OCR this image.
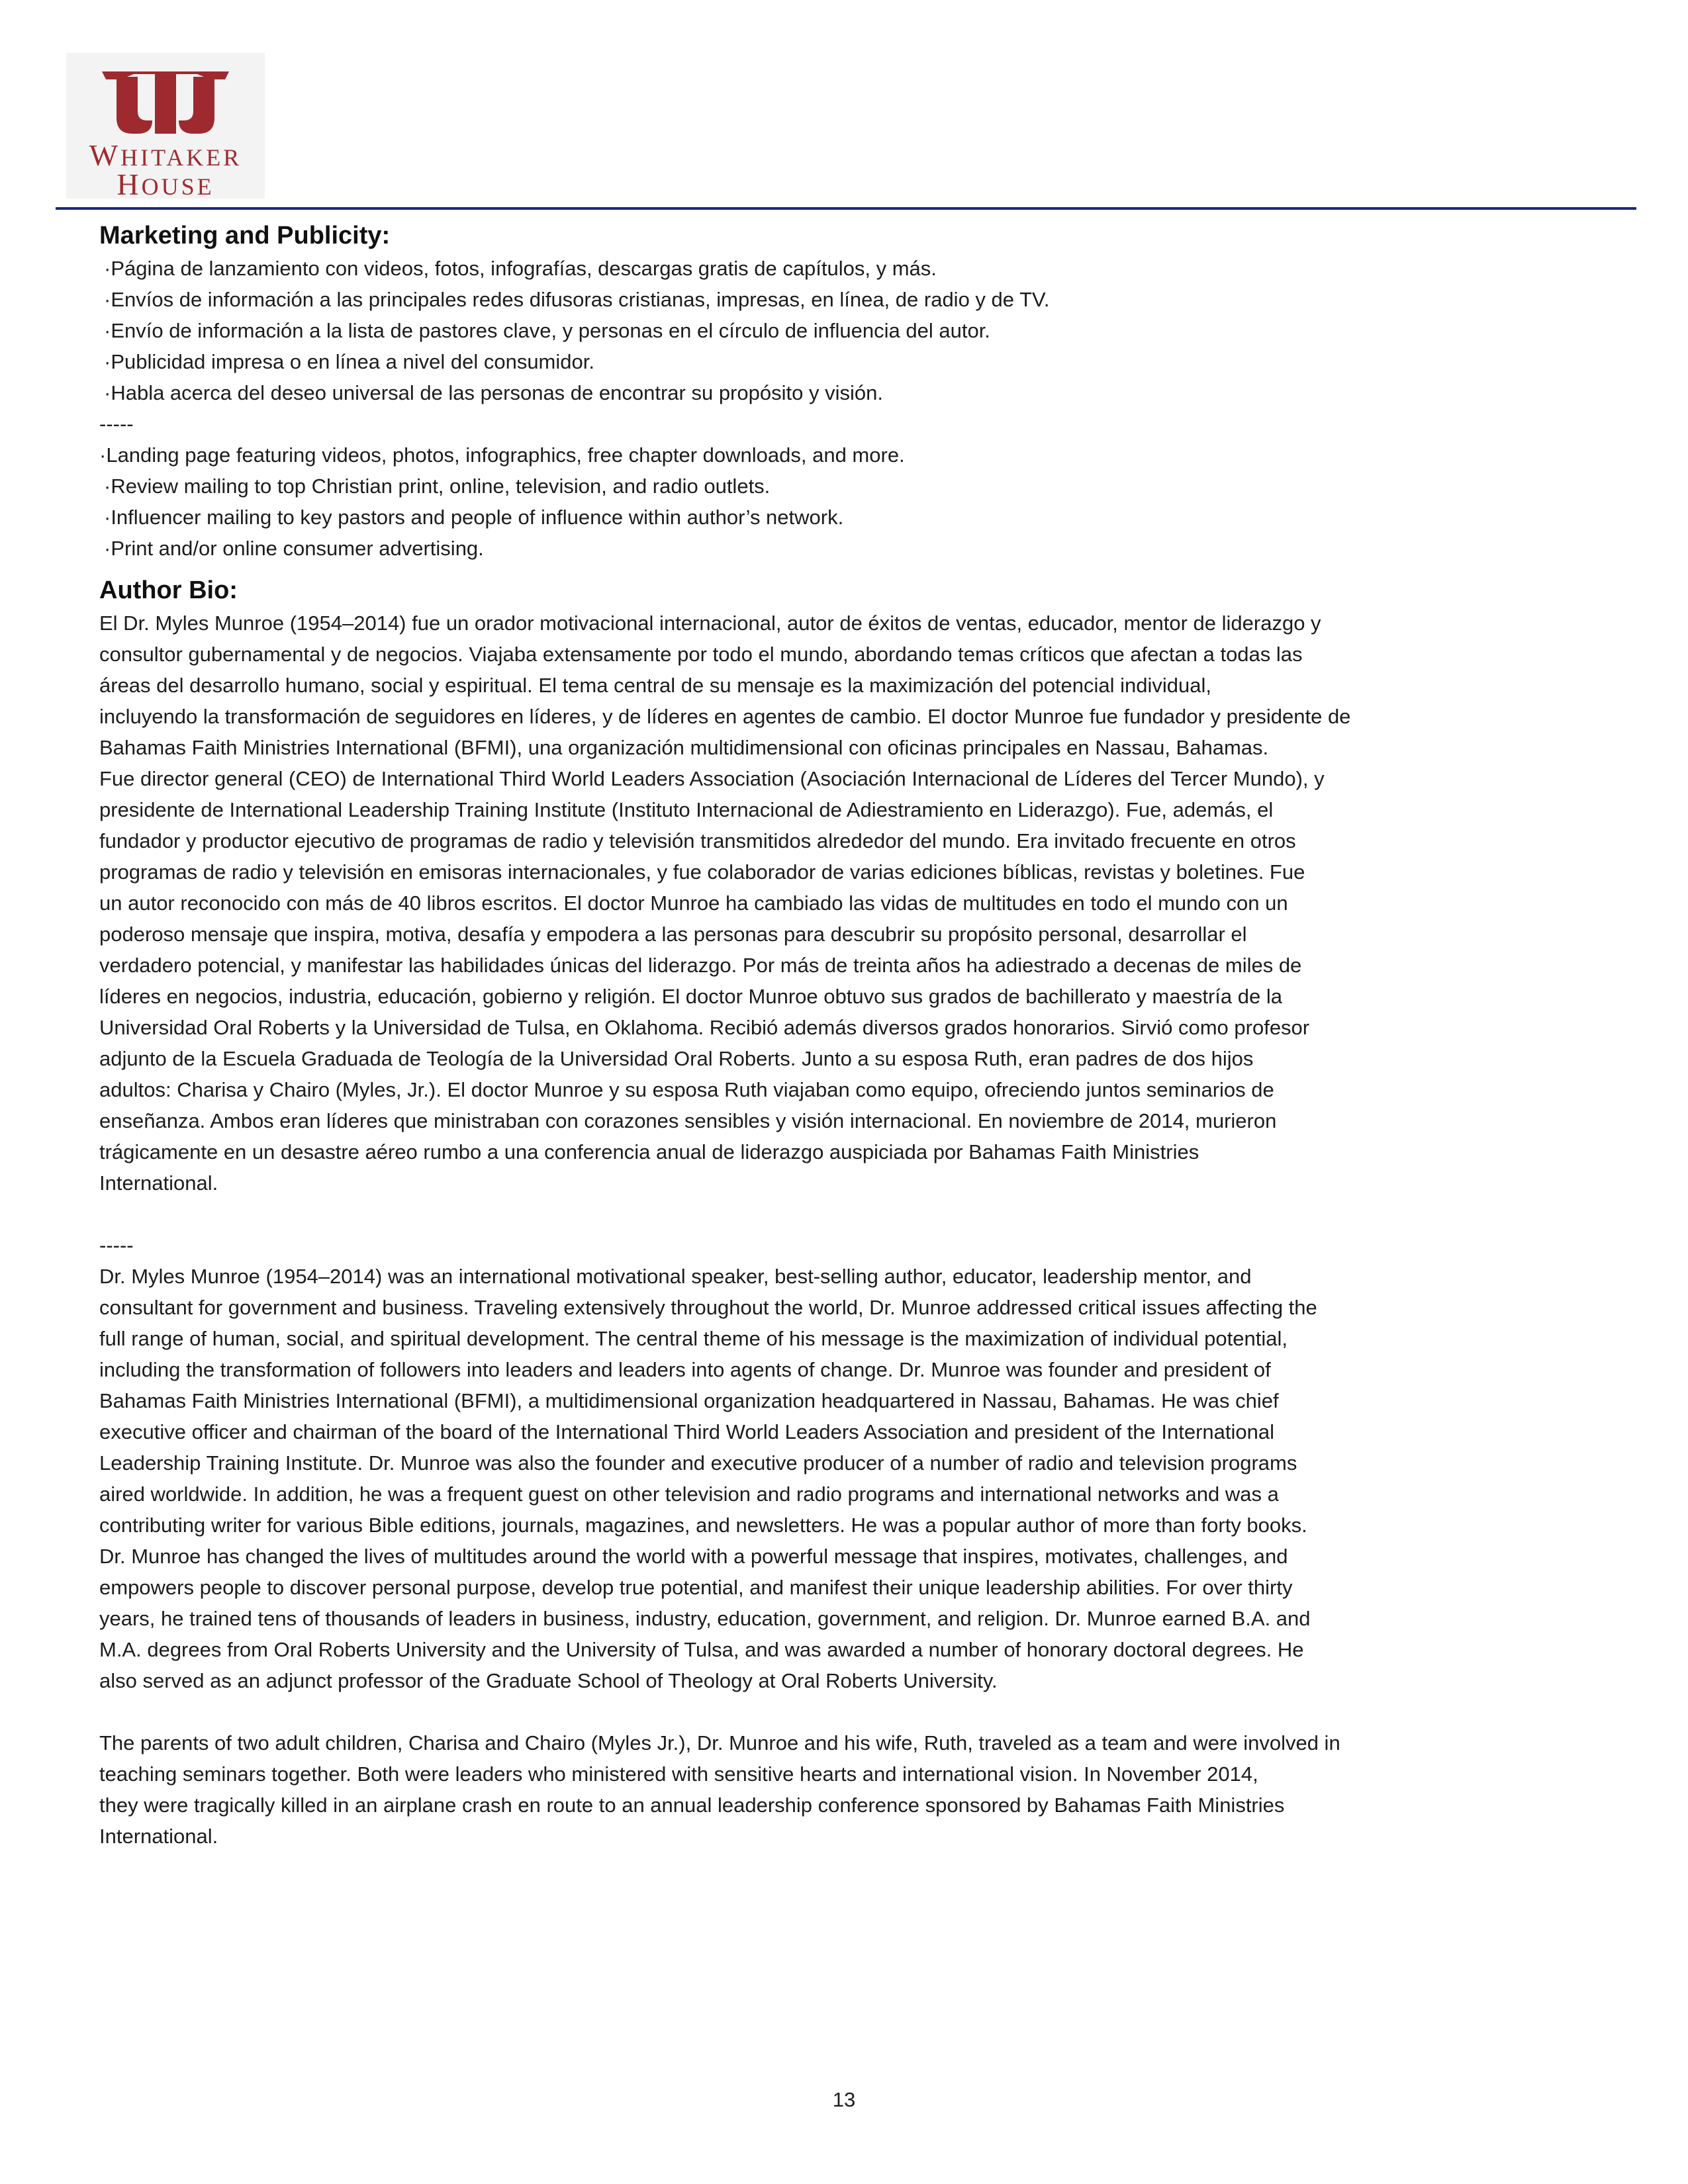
WHITAKER
HOUSE
Marketing and Publicity:
·Página de lanzamiento con videos, fotos, infografías, descargas gratis de capítulos, y más.
·Envíos de información a las principales redes difusoras cristianas, impresas, en línea, de radio y de TV.
·Envío de información a la lista de pastores clave, y personas en el círculo de influencia del autor.
·Publicidad impresa o en línea a nivel del consumidor.
·Habla acerca del deseo universal de las personas de encontrar su propósito y visión.
-----
·Landing page featuring videos, photos, infographics, free chapter downloads, and more.
·Review mailing to top Christian print, online, television, and radio outlets.
·Influencer mailing to key pastors and people of influence within author’s network.
·Print and/or online consumer advertising.
Author Bio:
El Dr. Myles Munroe (1954–2014) fue un orador motivacional internacional, autor de éxitos de ventas, educador, mentor de liderazgo y
consultor gubernamental y de negocios. Viajaba extensamente por todo el mundo, abordando temas críticos que afectan a todas las
áreas del desarrollo humano, social y espiritual. El tema central de su mensaje es la maximización del potencial individual,
incluyendo la transformación de seguidores en líderes, y de líderes en agentes de cambio. El doctor Munroe fue fundador y presidente de
Bahamas Faith Ministries International (BFMI), una organización multidimensional con oficinas principales en Nassau, Bahamas.
Fue director general (CEO) de International Third World Leaders Association (Asociación Internacional de Líderes del Tercer Mundo), y
presidente de International Leadership Training Institute (Instituto Internacional de Adiestramiento en Liderazgo). Fue, además, el
fundador y productor ejecutivo de programas de radio y televisión transmitidos alrededor del mundo. Era invitado frecuente en otros
programas de radio y televisión en emisoras internacionales, y fue colaborador de varias ediciones bíblicas, revistas y boletines. Fue
un autor reconocido con más de 40 libros escritos. El doctor Munroe ha cambiado las vidas de multitudes en todo el mundo con un
poderoso mensaje que inspira, motiva, desafía y empodera a las personas para descubrir su propósito personal, desarrollar el
verdadero potencial, y manifestar las habilidades únicas del liderazgo. Por más de treinta años ha adiestrado a decenas de miles de
líderes en negocios, industria, educación, gobierno y religión. El doctor Munroe obtuvo sus grados de bachillerato y maestría de la
Universidad Oral Roberts y la Universidad de Tulsa, en Oklahoma. Recibió además diversos grados honorarios. Sirvió como profesor
adjunto de la Escuela Graduada de Teología de la Universidad Oral Roberts. Junto a su esposa Ruth, eran padres de dos hijos
adultos: Charisa y Chairo (Myles, Jr.). El doctor Munroe y su esposa Ruth viajaban como equipo, ofreciendo juntos seminarios de
enseñanza. Ambos eran líderes que ministraban con corazones sensibles y visión internacional. En noviembre de 2014, murieron
trágicamente en un desastre aéreo rumbo a una conferencia anual de liderazgo auspiciada por Bahamas Faith Ministries
International.
-----
Dr. Myles Munroe (1954–2014) was an international motivational speaker, best-selling author, educator, leadership mentor, and
consultant for government and business. Traveling extensively throughout the world, Dr. Munroe addressed critical issues affecting the
full range of human, social, and spiritual development. The central theme of his message is the maximization of individual potential,
including the transformation of followers into leaders and leaders into agents of change. Dr. Munroe was founder and president of
Bahamas Faith Ministries International (BFMI), a multidimensional organization headquartered in Nassau, Bahamas. He was chief
executive officer and chairman of the board of the International Third World Leaders Association and president of the International
Leadership Training Institute. Dr. Munroe was also the founder and executive producer of a number of radio and television programs
aired worldwide. In addition, he was a frequent guest on other television and radio programs and international networks and was a
contributing writer for various Bible editions, journals, magazines, and newsletters. He was a popular author of more than forty books.
Dr. Munroe has changed the lives of multitudes around the world with a powerful message that inspires, motivates, challenges, and
empowers people to discover personal purpose, develop true potential, and manifest their unique leadership abilities. For over thirty
years, he trained tens of thousands of leaders in business, industry, education, government, and religion. Dr. Munroe earned B.A. and
M.A. degrees from Oral Roberts University and the University of Tulsa, and was awarded a number of honorary doctoral degrees. He
also served as an adjunct professor of the Graduate School of Theology at Oral Roberts University.
The parents of two adult children, Charisa and Chairo (Myles Jr.), Dr. Munroe and his wife, Ruth, traveled as a team and were involved in
teaching seminars together. Both were leaders who ministered with sensitive hearts and international vision. In November 2014,
they were tragically killed in an airplane crash en route to an annual leadership conference sponsored by Bahamas Faith Ministries
International.
13
